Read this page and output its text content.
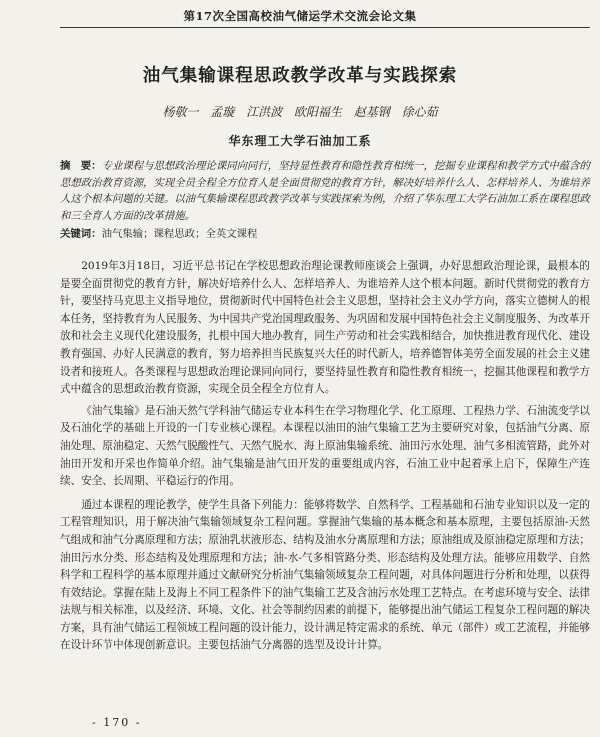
第17次全国高校油气储运学术交流会论文集
油气集输课程思政教学改革与实践探索
杨敬一 孟璇 江洪波 欧阳福生 赵基钢 徐心茹
华东理工大学石油加工系
摘　要：专业课程与思想政治理论课同向同行，坚持显性教育和隐性教育相统一，挖掘专业课程和教学方式中蕴含的思想政治教育资源，实现全员全程全方位育人是全面贯彻党的教育方针，解决好培养什么人、怎样培养人、为谁培养人这个根本问题的关键。以油气集输课程思政教学改革与实践探索为例，介绍了华东理工大学石油加工系在课程思政和三全育人方面的改革措施。
关键词：油气集输；课程思政；全英文课程

2019年3月18日，习近平总书记在学校思想政治理论课教师座谈会上强调，办好思想政治理论课，最根本的是要全面贯彻党的教育方针，解决好培养什么人、怎样培养人、为谁培养人这个根本问题。新时代贯彻党的教育方针，要坚持马克思主义指导地位，贯彻新时代中国特色社会主义思想，坚持社会主义办学方向，落实立德树人的根本任务，坚持教育为人民服务、为中国共产党治国理政服务、为巩固和发展中国特色社会主义制度服务、为改革开放和社会主义现代化建设服务，扎根中国大地办教育，同生产劳动和社会实践相结合，加快推进教育现代化、建设教育强国、办好人民满意的教育，努力培养担当民族复兴大任的时代新人，培养德智体美劳全面发展的社会主义建设者和接班人。各类课程与思想政治理论课同向同行，要坚持显性教育和隐性教育相统一，挖掘其他课程和教学方式中蕴含的思想政治教育资源，实现全员全程全方位育人。

《油气集输》是石油天然气学科油气储运专业本科生在学习物理化学、化工原理、工程热力学、石油流变学以及石油化学的基础上开设的一门专业核心课程。本课程以油田的油气集输工艺为主要研究对象，包括油气分离、原油处理、原油稳定、天然气脱酸性气、天然气脱水、海上原油集输系统、油田污水处理、油气多相流管路，此外对油田开发和开采也作简单介绍。油气集输是油气田开发的重要组成内容，石油工业中起着承上启下，保障生产连续、安全、长周期、平稳运行的作用。

通过本课程的理论教学，使学生具备下列能力：能够将数学、自然科学、工程基础和石油专业知识以及一定的工程管理知识，用于解决油气集输领域复杂工程问题。掌握油气集输的基本概念和基本原理，主要包括原油-天然气组成和油气分离原理和方法；原油乳状液形态、结构及油水分离原理和方法；原油组成及原油稳定原理和方法；油田污水分类、形态结构及处理原理和方法；油-水-气多相管路分类、形态结构及处理方法。能够应用数学、自然科学和工程科学的基本原理并通过文献研究分析油气集输领域复杂工程问题，对具体问题进行分析和处理，以获得有效结论。掌握在陆上及海上不同工程条件下的油气集输工艺及含油污水处理工艺特点。在考虑环境与安全、法律法规与相关标准，以及经济、环境、文化、社会等制约因素的前提下，能够提出油气储运工程复杂工程问题的解决方案，具有油气储运工程领域工程问题的设计能力，设计满足特定需求的系统、单元（部件）或工艺流程，并能够在设计环节中体现创新意识。主要包括油气分离器的选型及设计计算。

- 170 -
